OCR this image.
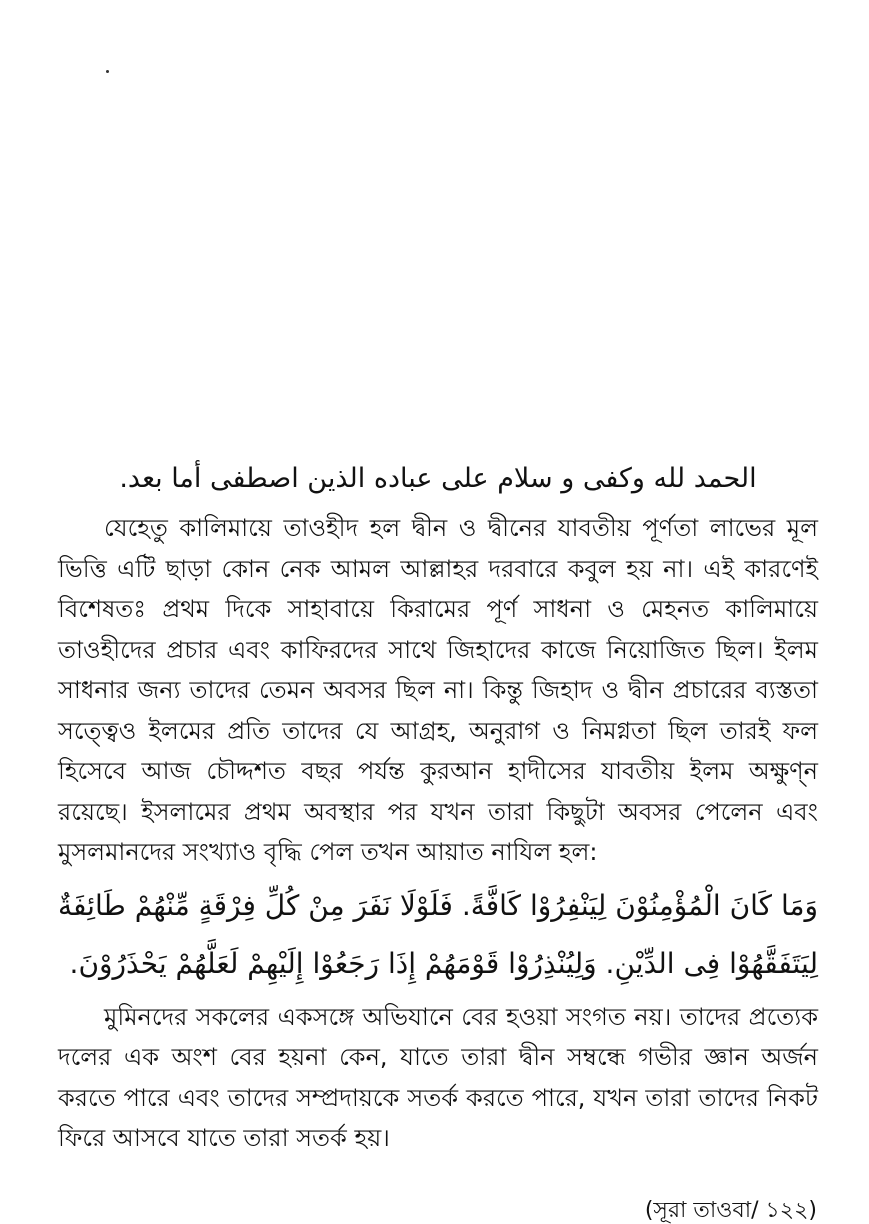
الحمد لله وكفى و سلام على عباده الذين اصطفى أما بعد.

যেহেতু কালিমায়ে তাওহীদ হল দ্বীন ও দ্বীনের যাবতীয় পূর্ণতা লাভের মূল ভিত্তি এটি ছাড়া কোন নেক আমল আল্লাহর দরবারে কবুল হয় না। এই কারণেই বিশেষতঃ প্রথম দিকে সাহাবায়ে কিরামের পূর্ণ সাধনা ও মেহনত কালিমায়ে তাওহীদের প্রচার এবং কাফিরদের সাথে জিহাদের কাজে নিয়োজিত ছিল। ইলম সাধনার জন্য তাদের তেমন অবসর ছিল না। কিন্তু জিহাদ ও দ্বীন প্রচারের ব্যস্ততা সত্ত্বেও ইলমের প্রতি তাদের যে আগ্রহ, অনুরাগ ও নিমগ্নতা ছিল তারই ফল হিসেবে আজ চৌদ্দশত বছর পর্যন্ত কুরআন হাদীসের যাবতীয় ইলম অক্ষুণ্ন রয়েছে। ইসলামের প্রথম অবস্থার পর যখন তারা কিছুটা অবসর পেলেন এবং মুসলমানদের সংখ্যাও বৃদ্ধি পেল তখন আয়াত নাযিল হল:

وَمَا كَانَ الْمُؤْمِنُوْنَ لِيَنْفِرُوْا كَافَّةً. فَلَوْلَا نَفَرَ مِنْ كُلِّ فِرْقَةٍ مِّنْهُمْ طَائِفَةٌ لِيَتَفَقَّهُوْا فِى الدِّيْنِ. وَلِيُنْذِرُوْا قَوْمَهُمْ إِذَا رَجَعُوْا إِلَيْهِمْ لَعَلَّهُمْ يَحْذَرُوْنَ.

মুমিনদের সকলের একসঙ্গে অভিযানে বের হওয়া সংগত নয়। তাদের প্রত্যেক দলের এক অংশ বের হয়না কেন, যাতে তারা দ্বীন সম্বন্ধে গভীর জ্ঞান অর্জন করতে পারে এবং তাদের সম্প্রদায়কে সতর্ক করতে পারে, যখন তারা তাদের নিকট ফিরে আসবে যাতে তারা সতর্ক হয়।

(সূরা তাওবা/ ১২২)
